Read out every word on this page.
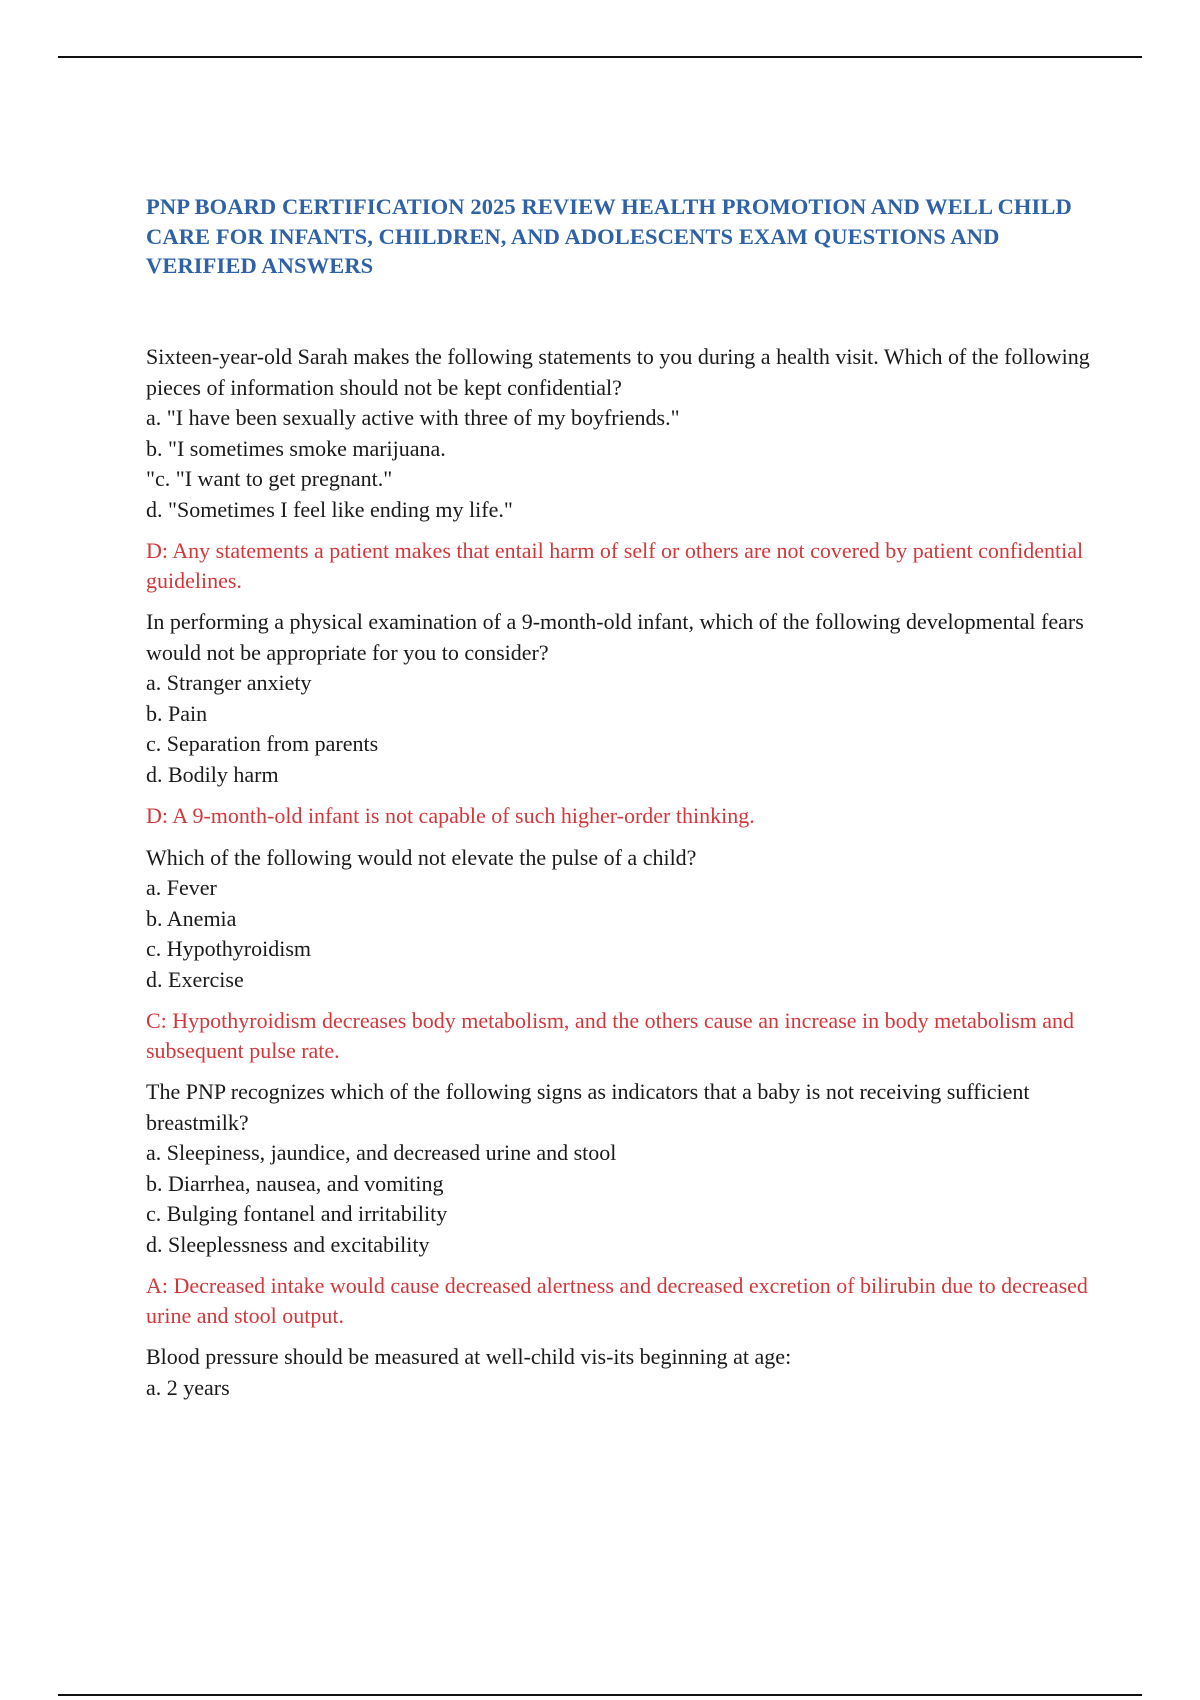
PNP BOARD CERTIFICATION 2025 REVIEW HEALTH PROMOTION AND WELL CHILD CARE FOR INFANTS, CHILDREN, AND ADOLESCENTS EXAM QUESTIONS AND VERIFIED ANSWERS

Sixteen-year-old Sarah makes the following statements to you during a health visit. Which of the following pieces of information should not be kept confidential?

a. "I have been sexually active with three of my boyfriends."

b. "I sometimes smoke marijuana.

"c. "I want to get pregnant."

d. "Sometimes I feel like ending my life."

D: Any statements a patient makes that entail harm of self or others are not covered by patient confidential guidelines.

In performing a physical examination of a 9-month-old infant, which of the following developmental fears would not be appropriate for you to consider?

a. Stranger anxiety

b. Pain

c. Separation from parents

d. Bodily harm

D: A 9-month-old infant is not capable of such higher-order thinking.

Which of the following would not elevate the pulse of a child?

a. Fever

b. Anemia

c. Hypothyroidism

d. Exercise

C: Hypothyroidism decreases body metabolism, and the others cause an increase in body metabolism and subsequent pulse rate.

The PNP recognizes which of the following signs as indicators that a baby is not receiving sufficient breastmilk?

a. Sleepiness, jaundice, and decreased urine and stool

b. Diarrhea, nausea, and vomiting

c. Bulging fontanel and irritability

d. Sleeplessness and excitability

A: Decreased intake would cause decreased alertness and decreased excretion of bilirubin due to decreased urine and stool output.

Blood pressure should be measured at well-child vis-its beginning at age:

a. 2 years
